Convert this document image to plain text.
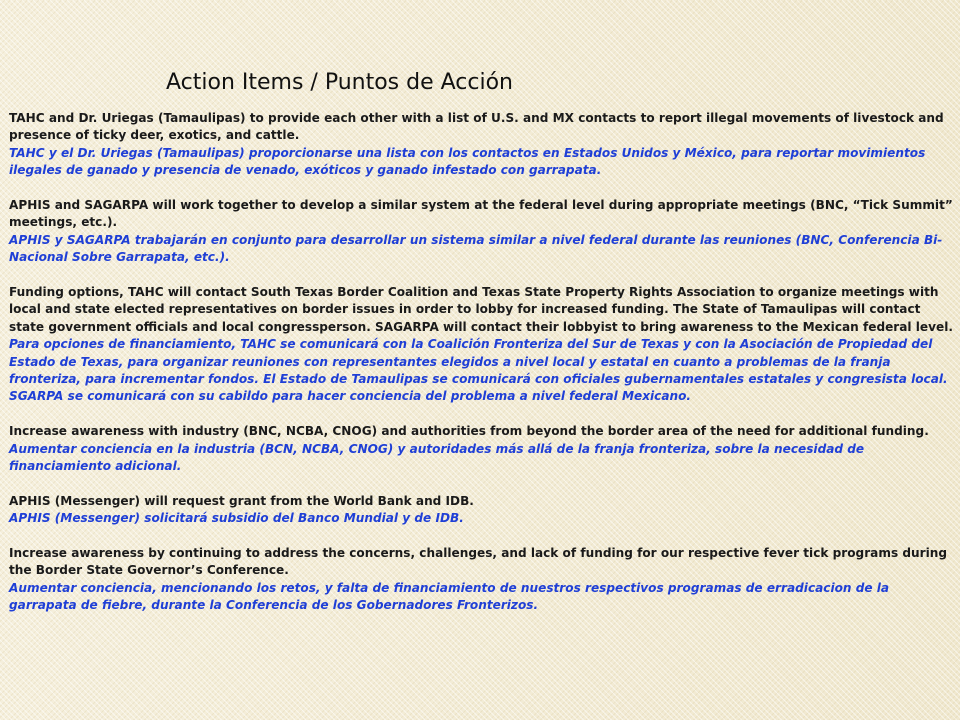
Action Items / Puntos de Acción

TAHC and Dr. Uriegas (Tamaulipas) to provide each other with a list of U.S. and MX contacts to report illegal movements of livestock and presence of ticky deer, exotics, and cattle.

TAHC y el Dr. Uriegas (Tamaulipas) proporcionarse una lista con los contactos en Estados Unidos y México, para reportar movimientos ilegales de ganado y presencia de venado, exóticos y ganado infestado con garrapata.

APHIS and SAGARPA will work together to develop a similar system at the federal level during appropriate meetings (BNC, “Tick Summit” meetings, etc.).

APHIS y SAGARPA trabajarán en conjunto para desarrollar un sistema similar a nivel federal durante las reuniones (BNC, Conferencia Bi-Nacional Sobre Garrapata, etc.).

Funding options, TAHC will contact South Texas Border Coalition and Texas State Property Rights Association to organize meetings with local and state elected representatives on border issues in order to lobby for increased funding. The State of Tamaulipas will contact state government officials and local congressperson. SAGARPA will contact their lobbyist to bring awareness to the Mexican federal level.

Para opciones de financiamiento, TAHC se comunicará con la Coalición Fronteriza del Sur de Texas y con la Asociación de Propiedad del Estado de Texas, para organizar reuniones con representantes elegidos a nivel local y estatal en cuanto a problemas de la franja fronteriza, para incrementar fondos. El Estado de Tamaulipas se comunicará con oficiales gubernamentales estatales y congresista local. SGARPA se comunicará con su cabildo para hacer conciencia del problema a nivel federal Mexicano.

Increase awareness with industry (BNC, NCBA, CNOG) and authorities from beyond the border area of the need for additional funding.

Aumentar conciencia en la industria (BCN, NCBA, CNOG) y autoridades más allá de la franja fronteriza, sobre la necesidad de financiamiento adicional.

APHIS (Messenger) will request grant from the World Bank and IDB.

APHIS (Messenger) solicitará subsidio del Banco Mundial y de IDB.

Increase awareness by continuing to address the concerns, challenges, and lack of funding for our respective fever tick programs during the Border State Governor’s Conference.

Aumentar conciencia, mencionando los retos, y falta de financiamiento de nuestros respectivos programas de erradicacion de la garrapata de fiebre, durante la Conferencia de los Gobernadores Fronterizos.
